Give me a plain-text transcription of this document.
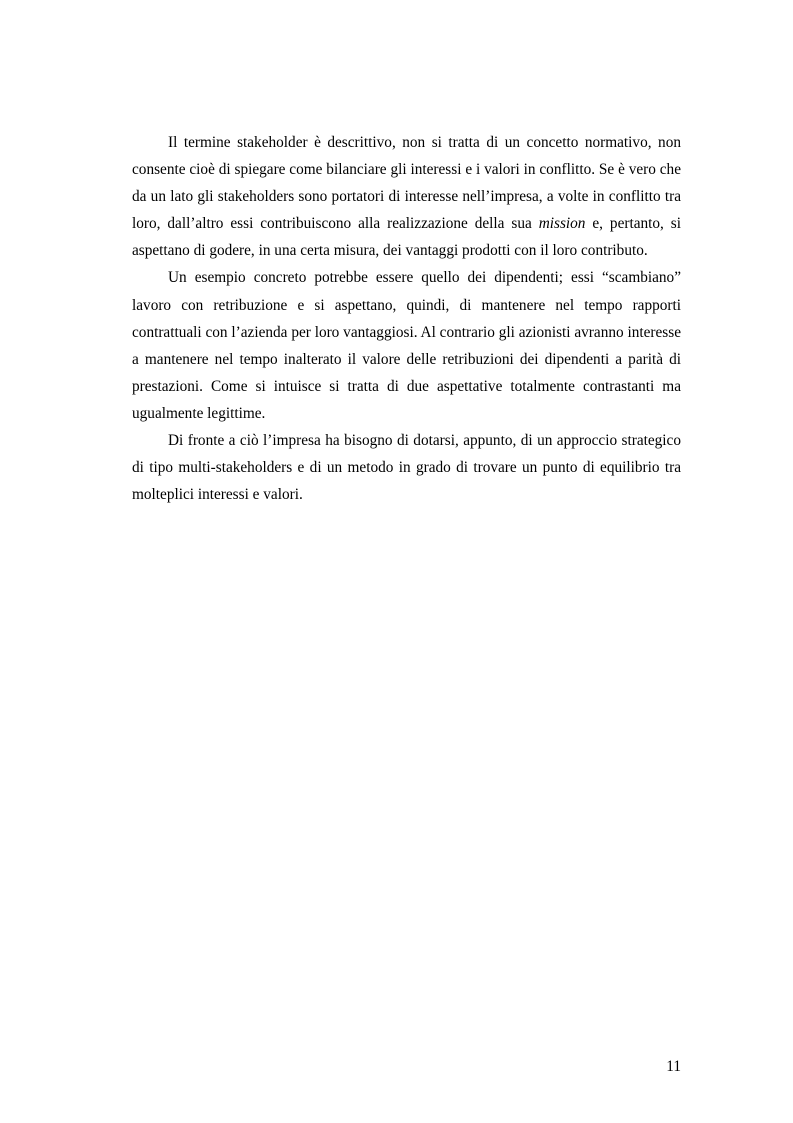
Il termine stakeholder è descrittivo, non si tratta di un concetto normativo, non consente cioè di spiegare come bilanciare gli interessi e i valori in conflitto. Se è vero che da un lato gli stakeholders sono portatori di interesse nell’impresa, a volte in conflitto tra loro, dall’altro essi contribuiscono alla realizzazione della sua mission e, pertanto, si aspettano di godere, in una certa misura, dei vantaggi prodotti con il loro contributo.

Un esempio concreto potrebbe essere quello dei dipendenti; essi “scambiano” lavoro con retribuzione e si aspettano, quindi, di mantenere nel tempo rapporti contrattuali con l’azienda per loro vantaggiosi. Al contrario gli azionisti avranno interesse a mantenere nel tempo inalterato il valore delle retribuzioni dei dipendenti a parità di prestazioni. Come si intuisce si tratta di due aspettative totalmente contrastanti ma ugualmente legittime.

Di fronte a ciò l’impresa ha bisogno di dotarsi, appunto, di un approccio strategico di tipo multi-stakeholders e di un metodo in grado di trovare un punto di equilibrio tra molteplici interessi e valori.

11
